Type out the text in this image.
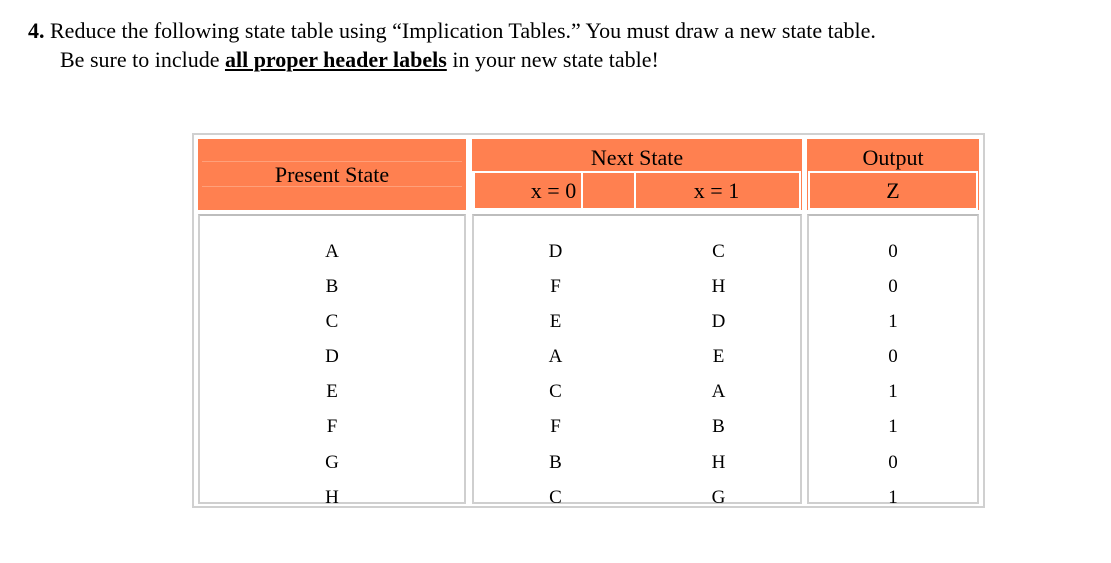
4. Reduce the following state table using “Implication Tables.” You must draw a new state table.
Be sure to include all proper header labels in your new state table!
Present State
Next State
x = 0	x = 1
Output
Z
A
B
C
D
E
F
G
H
D
F
E
A
C
F
B
C
C
H
D
E
A
B
H
G
0
0
1
0
1
1
0
1
